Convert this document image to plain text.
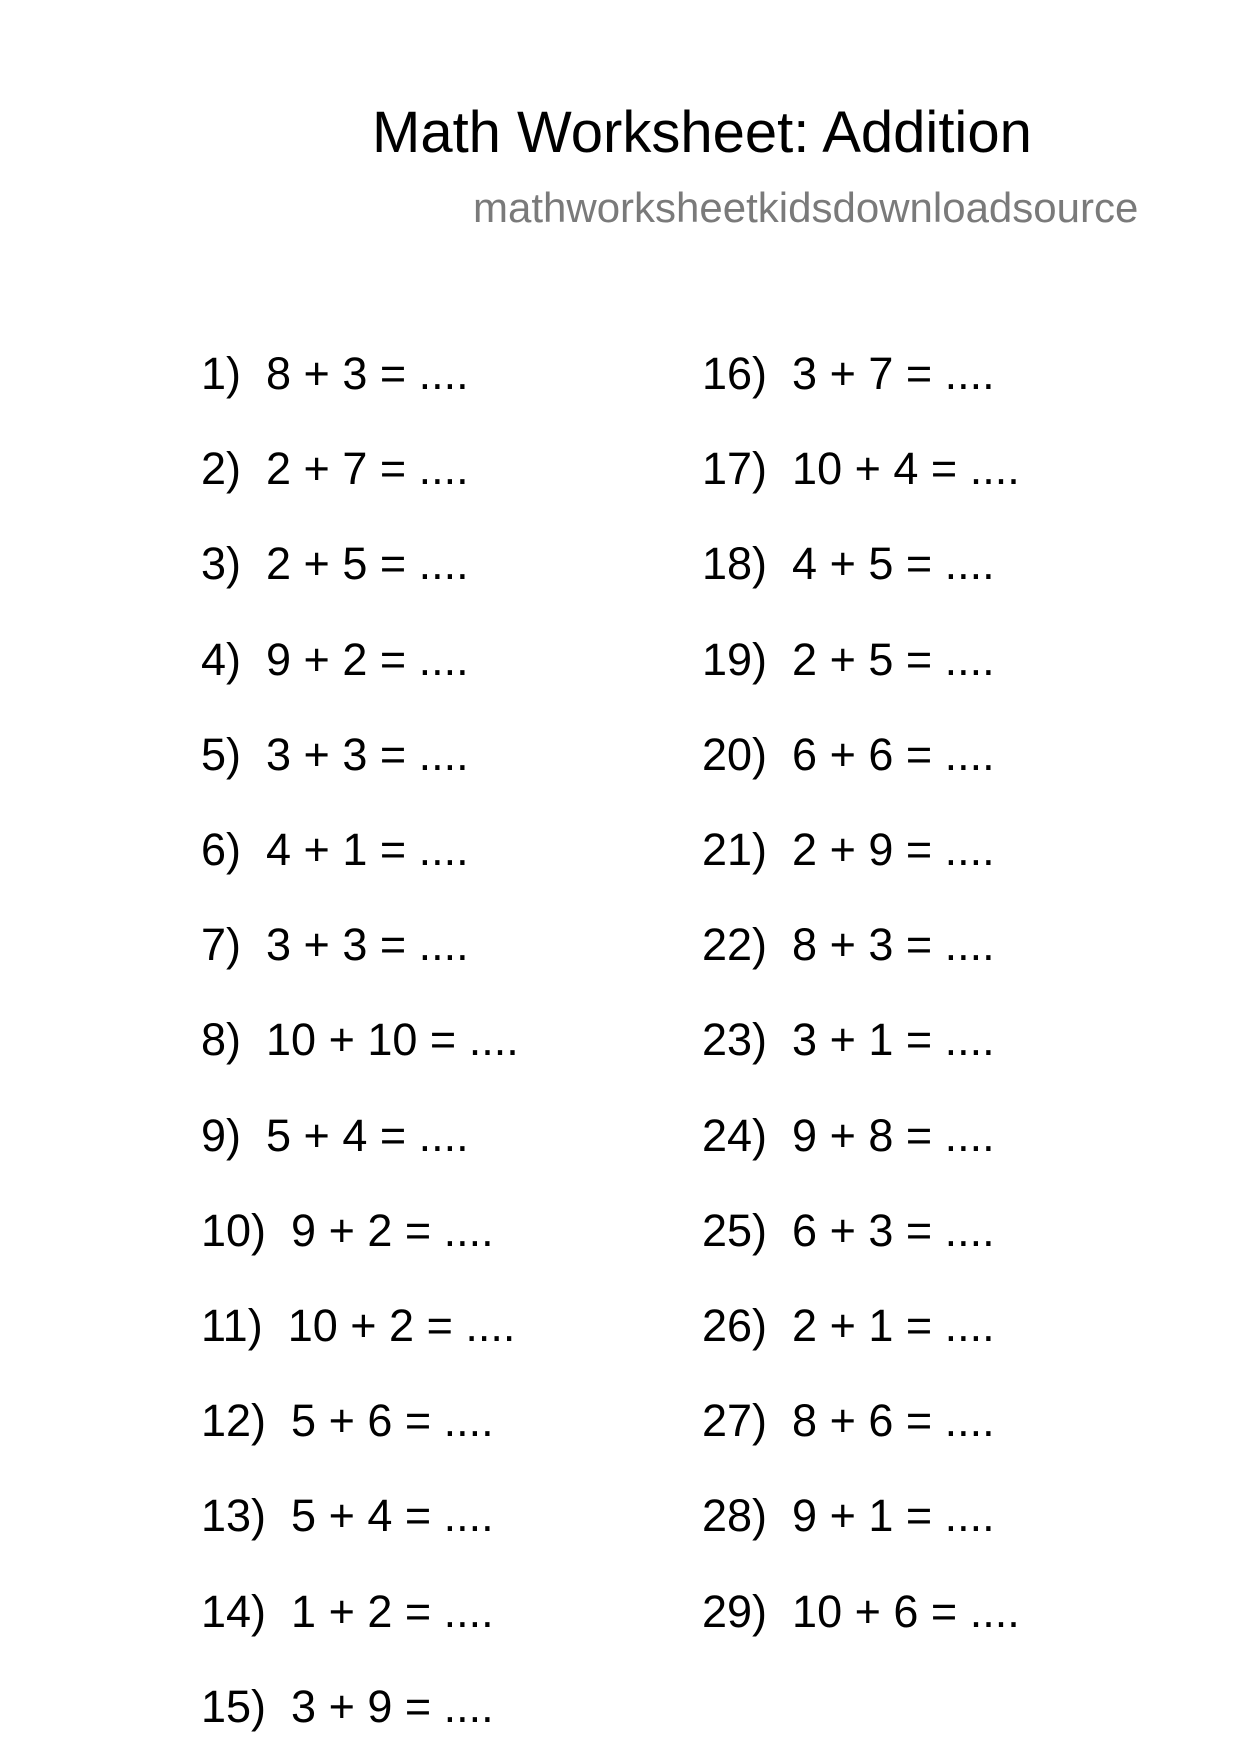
Math Worksheet: Addition
mathworksheetkidsdownloadsource
1) 8 + 3 = ....
2) 2 + 7 = ....
3) 2 + 5 = ....
4) 9 + 2 = ....
5) 3 + 3 = ....
6) 4 + 1 = ....
7) 3 + 3 = ....
8) 10 + 10 = ....
9) 5 + 4 = ....
10) 9 + 2 = ....
11) 10 + 2 = ....
12) 5 + 6 = ....
13) 5 + 4 = ....
14) 1 + 2 = ....
15) 3 + 9 = ....
16) 3 + 7 = ....
17) 10 + 4 = ....
18) 4 + 5 = ....
19) 2 + 5 = ....
20) 6 + 6 = ....
21) 2 + 9 = ....
22) 8 + 3 = ....
23) 3 + 1 = ....
24) 9 + 8 = ....
25) 6 + 3 = ....
26) 2 + 1 = ....
27) 8 + 6 = ....
28) 9 + 1 = ....
29) 10 + 6 = ....
